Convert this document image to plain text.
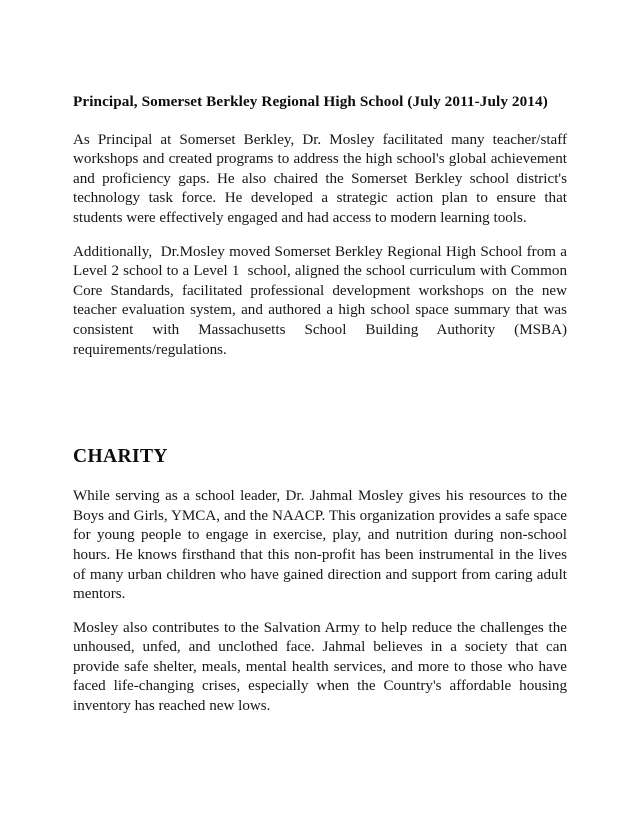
Principal, Somerset Berkley Regional High School (July 2011-July 2014)

As Principal at Somerset Berkley, Dr. Mosley facilitated many teacher/staff workshops and created programs to address the high school's global achievement and proficiency gaps. He also chaired the Somerset Berkley school district's technology task force. He developed a strategic action plan to ensure that students were effectively engaged and had access to modern learning tools.

Additionally,  Dr.Mosley moved Somerset Berkley Regional High School from a Level 2 school to a Level 1  school, aligned the school curriculum with Common Core Standards, facilitated professional development workshops on the new teacher evaluation system, and authored a high school space summary that was consistent with Massachusetts School Building Authority (MSBA) requirements/regulations.

CHARITY

While serving as a school leader, Dr. Jahmal Mosley gives his resources to the Boys and Girls, YMCA, and the NAACP. This organization provides a safe space for young people to engage in exercise, play, and nutrition during non-school hours. He knows firsthand that this non-profit has been instrumental in the lives of many urban children who have gained direction and support from caring adult mentors.

Mosley also contributes to the Salvation Army to help reduce the challenges the unhoused, unfed, and unclothed face. Jahmal believes in a society that can provide safe shelter, meals, mental health services, and more to those who have faced life-changing crises, especially when the Country's affordable housing inventory has reached new lows.
